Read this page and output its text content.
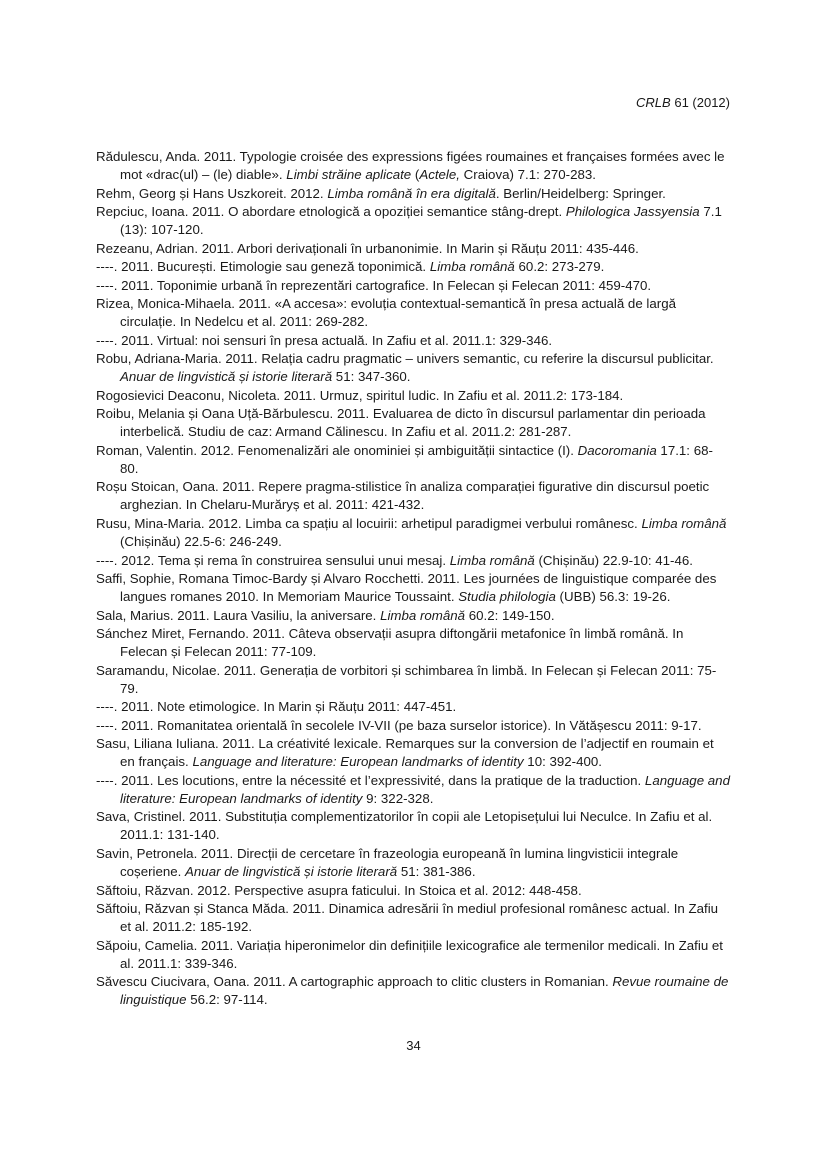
CRLB 61 (2012)
Rădulescu, Anda. 2011. Typologie croisée des expressions figées roumaines et françaises formées avec le mot «drac(ul) – (le) diable». Limbi străine aplicate (Actele, Craiova) 7.1: 270-283.
Rehm, Georg și Hans Uszkoreit. 2012. Limba română în era digitală. Berlin/Heidelberg: Springer.
Repciuc, Ioana. 2011. O abordare etnologică a opoziției semantice stâng-drept. Philologica Jassyensia 7.1 (13): 107-120.
Rezeanu, Adrian. 2011. Arbori derivaționali în urbanonimie. In Marin și Răuțu 2011: 435-446.
----. 2011. București. Etimologie sau geneză toponimică. Limba română 60.2: 273-279.
----. 2011. Toponimie urbană în reprezentări cartografice. In Felecan și Felecan 2011: 459-470.
Rizea, Monica-Mihaela. 2011. «A accesa»: evoluția contextual-semantică în presa actuală de largă circulație. In Nedelcu et al. 2011: 269-282.
----. 2011. Virtual: noi sensuri în presa actuală. In Zafiu et al. 2011.1: 329-346.
Robu, Adriana-Maria. 2011. Relația cadru pragmatic – univers semantic, cu referire la discursul publicitar. Anuar de lingvistică și istorie literară 51: 347-360.
Rogosievici Deaconu, Nicoleta. 2011. Urmuz, spiritul ludic. In Zafiu et al. 2011.2: 173-184.
Roibu, Melania și Oana Uță-Bărbulescu. 2011. Evaluarea de dicto în discursul parlamentar din perioada interbelică. Studiu de caz: Armand Călinescu. In Zafiu et al. 2011.2: 281-287.
Roman, Valentin. 2012. Fenomenalizări ale onominiei și ambiguității sintactice (I). Dacoromania 17.1: 68-80.
Roșu Stoican, Oana. 2011. Repere pragma-stilistice în analiza comparației figurative din discursul poetic arghezian. In Chelaru-Murărуș et al. 2011: 421-432.
Rusu, Mina-Maria. 2012. Limba ca spațiu al locuirii: arhetipul paradigmei verbului românesc. Limba română (Chișinău) 22.5-6: 246-249.
----. 2012. Tema și rema în construirea sensului unui mesaj. Limba română (Chișinău) 22.9-10: 41-46.
Saffi, Sophie, Romana Timoc-Bardy și Alvaro Rocchetti. 2011. Les journées de linguistique comparée des langues romanes 2010. In Memoriam Maurice Toussaint. Studia philologia (UBB) 56.3: 19-26.
Sala, Marius. 2011. Laura Vasiliu, la aniversare. Limba română 60.2: 149-150.
Sánchez Miret, Fernando. 2011. Câteva observații asupra diftongării metafonice în limbă română. In Felecan și Felecan 2011: 77-109.
Saramandu, Nicolae. 2011. Generația de vorbitori și schimbarea în limbă. In Felecan și Felecan 2011: 75-79.
----. 2011. Note etimologice. In Marin și Răuțu 2011: 447-451.
----. 2011. Romanitatea orientală în secolele IV-VII (pe baza surselor istorice). In Vătășescu 2011: 9-17.
Sasu, Liliana Iuliana. 2011. La créativité lexicale. Remarques sur la conversion de l’adjectif en roumain et en français. Language and literature: European landmarks of identity 10: 392-400.
----. 2011. Les locutions, entre la nécessité et l’expressivité, dans la pratique de la traduction. Language and literature: European landmarks of identity 9: 322-328.
Sava, Cristinel. 2011. Substituția complementizatorilor în copii ale Letopisețului lui Neculce. In Zafiu et al. 2011.1: 131-140.
Savin, Petronela. 2011. Direcții de cercetare în frazeologia europeană în lumina lingvisticii integrale coșeriene. Anuar de lingvistică și istorie literară 51: 381-386.
Săftoiu, Răzvan. 2012. Perspective asupra faticului. In Stoica et al. 2012: 448-458.
Săftoiu, Răzvan și Stanca Măda. 2011. Dinamica adresării în mediul profesional românesc actual. In Zafiu et al. 2011.2: 185-192.
Săpoiu, Camelia. 2011. Variația hiperonimelor din definițiile lexicografice ale termenilor medicali. In Zafiu et al. 2011.1: 339-346.
Săvescu Ciucivara, Oana. 2011. A cartographic approach to clitic clusters in Romanian. Revue roumaine de linguistique 56.2: 97-114.
34
